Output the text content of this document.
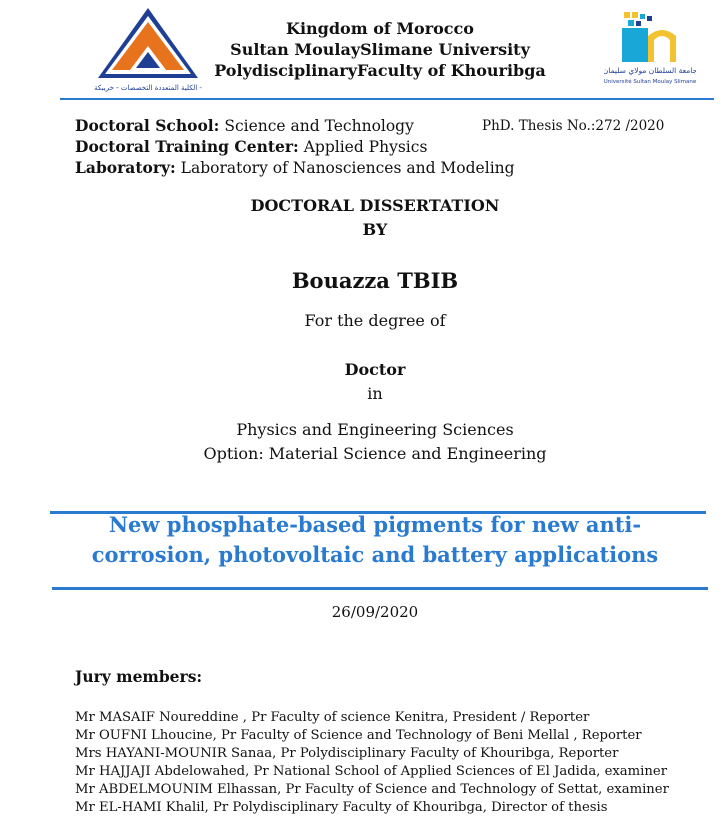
الكلية المتعددة التخصصات - خريبكة -
Kingdom of Morocco
Sultan MoulaySlimane University
PolydisciplinaryFaculty of Khouribga	جامعة السلطان مولاي سليمان
Université Sultan Moulay Slimane
Doctoral School: Science and Technology
Doctoral Training Center: Applied Physics
Laboratory: Laboratory of Nanosciences and Modeling
PhD. Thesis No.:272 /2020
DOCTORAL DISSERTATION
BY
Bouazza TBIB
For the degree of
Doctor
in
Physics and Engineering Sciences
Option: Material Science and Engineering
New phosphate-based pigments for new anti-
corrosion, photovoltaic and battery applications
26/09/2020
Jury members:
Mr MASAIF Noureddine , Pr Faculty of science Kenitra, President / Reporter
Mr OUFNI Lhoucine, Pr Faculty of Science and Technology of Beni Mellal , Reporter
Mrs HAYANI-MOUNIR Sanaa, Pr Polydisciplinary Faculty of Khouribga, Reporter
Mr HAJJAJI Abdelowahed, Pr National School of Applied Sciences of El Jadida, examiner
Mr ABDELMOUNIM Elhassan, Pr Faculty of Science and Technology of Settat, examiner
Mr EL-HAMI Khalil, Pr Polydisciplinary Faculty of Khouribga, Director of thesis
